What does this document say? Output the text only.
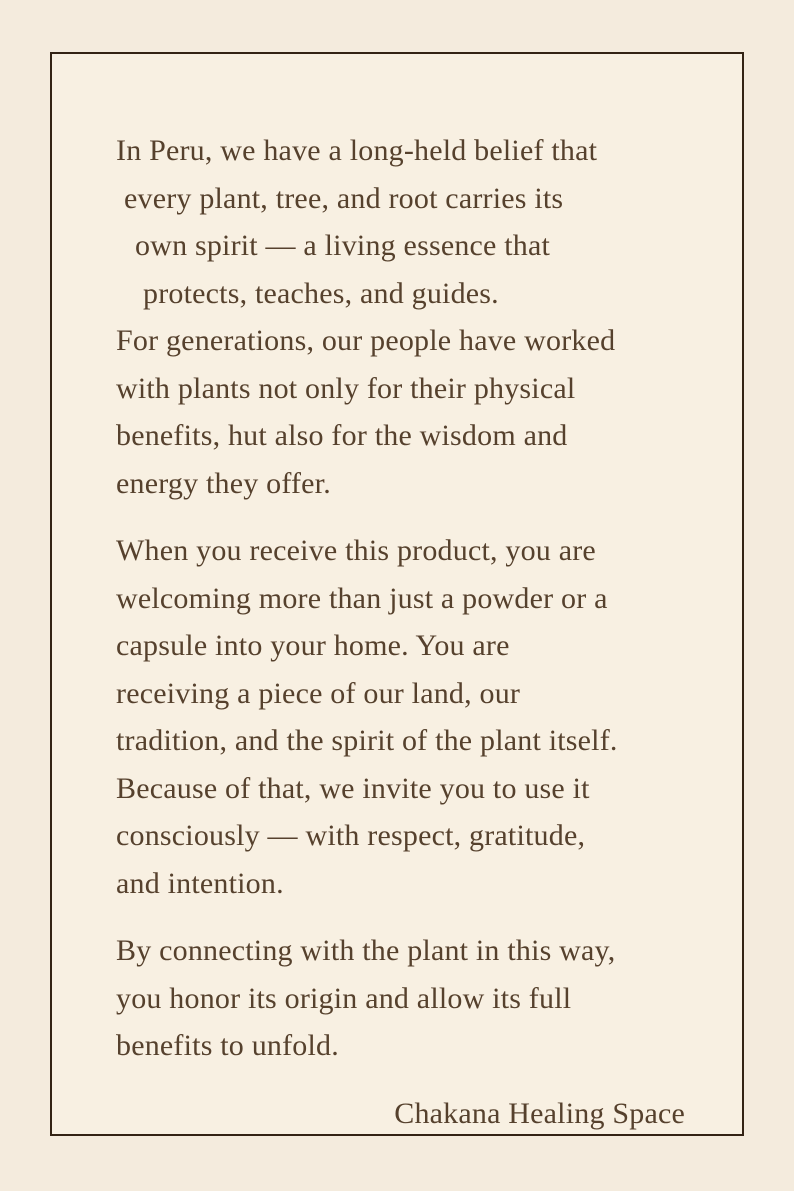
In Peru, we have a long-held belief that
every plant, tree, and root carries its
own spirit — a living essence that
protects, teaches, and guides.
For generations, our people have worked
with plants not only for their physical
benefits, hut also for the wisdom and
energy they offer.
When you receive this product, you are
welcoming more than just a powder or a
capsule into your home. You are
receiving a piece of our land, our
tradition, and the spirit of the plant itself.
Because of that, we invite you to use it
consciously — with respect, gratitude,
and intention.
By connecting with the plant in this way,
you honor its origin and allow its full
benefits to unfold.
Chakana Healing Space
